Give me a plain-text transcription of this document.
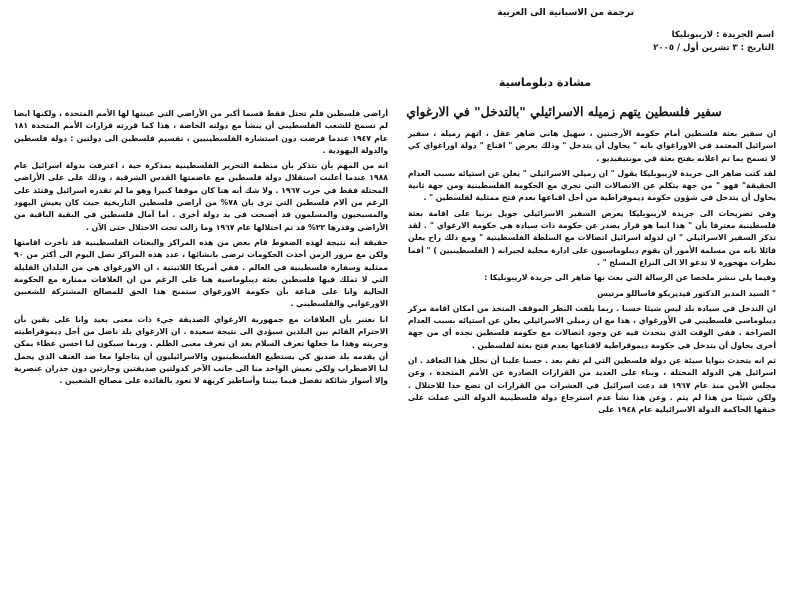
ترجمة من الاسبانية الى العربية
اسم الجريدة : لاريبوبليكا
التاريخ : ٣ تشرين أول / ٢٠٠٥
مشادة دبلوماسية
سفير فلسطين يتهم زميله الاسرائيلي "بالتدخل" في الارغواي

ان سفير بعثة فلسطين أمام حكومة الأرجنتين ، سهيل هاني ضاهر عقل ، اتهم زميله ، سفير اسرائيل المعتمد في الاوراغواي بانه " يحاول أن يتدخل " وذلك بعرض " اقناع " دولة اوراغواي كي لا تسمح بما تم اعلانه بفتح بعثة في مونتيفيديو .

لقد كتب ضاهر الى جريدة لاريبوبليكا يقول " ان زميلي الاسرائيلي " يعلن عن استيائه بسبب العدام الحقيقة" فهو " من جهة يتكلم عن الاتصالات التي تجري مع الحكومة الفلسطينية ومن جهة ثانية يحاول أن يتدخل في شؤون حكومة ديموقراطية من أجل اقناعها بعدم فتح ممثلية لفلسطين " .

وفي تصريحات الى جريدة لاريبوبليكا يعرض السفير الاسرائيلي جويل برنيا على اقامة بعثة فلسطينية معترفا بأن " هذا انما هو قرار يصدر عن حكومة ذات سيادة هي حكومة الارغواي " . لقد تذكر السفير الاسرائيلي " ان لدولة اسرائيل اتصالات مع السلطة الفلسطينية " ومع ذلك راح يعلن قائلا بانه من مسلمة الأمور أن يقوم ديبلوماسيون على ادارة محلية لجيرانه ( الفلسطينيين ) " أفما نظرات مهجورة لا تدعو الا الى النزاع المسلح " .

وفيما يلي ننشر ملخصا عن الرسالة التي بعث بها ضاهر الى جريدة لاريبوبليكا :

" السيد المدير الدكتور فيديريكو فاساللو مرتيس

ان التدخل في سيادة بلد ليس شيئا حسنا . ربما يلفت النظر الموقف المتخذ من امكان اقامة مركز ديبلوماسي فلسطيني في الأورغواي ، هذا مع ان زميلي الاسرائيلي يعلن عن استيائه بسبب العدام الصراحة . ففي الوقت الذي يتحدث فيه عن وجود اتصالات مع حكومة فلسطين نجده أي من جهة أخرى يحاول أن يتدخل في حكومة ديموقراطية لاقناعها بعدم فتح بعثة لفلسطين .

ثم انه يتحدث بنوايا سيئة عن دولة فلسطين التي لم تقم بعد . حسنا علينا أن نحلل هذا التعاقد . ان اسرائيل هي الدولة المحتلة ، وبناء على العديد من القرارات الصادرة عن الأمم المتحدة ، وعن مجلس الأمن منذ عام ١٩٦٧ قد دعت اسرائيل في العشرات من القرارات ان تضع حدا للاحتلال . ولكن شيئا من هذا لم يتم . وعن هذا نشأ عدم استرجاع دولة فلسطينية الدولة التي عملت على خنقها الحاكمة الدولة الاسرائيلية عام ١٩٤٨ على

أراضي فلسطين فلم تحتل فقط قسما أكبر من الأراضي التي عينتها لها الأمم المتحدة ، ولكنها ايضا لم تسمح للشعب الفلسطيني أن ينشأ مع دولته الخاصة ، هذا كما قررته قرارات الأمم المتحدة ١٨١ عام ١٩٤٧ عندما فرضت دون استشارة الفلسطينيين ، تقسيم فلسطين الى دولتين : دولة فلسطين والدولة اليهودية .

انه من المهم بأن نتذكر بأن منظمة التحرير الفلسطينية بمذكرة حية ، اعترفت بدولة اسرائيل عام ١٩٨٨ عندما أعلنت استقلال دولة فلسطين مع عاصمتها القدس الشرقية ، وذلك على على الأراضي المحتلة فقط في حرب ١٩٦٧ . ولا شك أنه هنا كان موقفا كبيرا وهو ما لم تقدره اسرائيل وقتئذ على الرغم من آلام فلسطين التي ترى بان ٧٨% من أراضي فلسطين التاريخية حيث كان يعيش اليهود والمسيحيون والمسلمون قد أصبحت في يد دولة أخرى . أما آمال فلسطين في البقية الباقية من الأراضي وقدرها ٢٢% قد تم احتلالها عام ١٩٦٧ وما زالت تحت الاحتلال حتى الآن .

حقيقة أنه نتيجة لهذه الضغوط قام بعض من هذه المراكز والبعثات الفلسطينية قد تأخرت اقامتها ولكن مع مرور الزمن أخذت الحكومات ترضى بانشائها ، عدد هذه المراكز تصل اليوم الى أكثر من ٩٠ ممثلية وسفارة فلسطينية في العالم . ففي أمريكا اللاتينية ، ان الاورغواي هي من البلدان القليلة التي لا تملك فيها فلسطين بعثة ديبلوماسية هنا على الرغم من ان العلاقات ممتازة مع الحكومة الحالية وانا على قناعة بأن حكومة الاورغواي ستمنح هذا الحق للمصالح المشتركة للشعبين الاورغوايي والفلسطيني .

انا نعتبر بأن العلاقات مع جمهورية الارغواي الصديقة جيء ذات معنى بعيد وانا على يقين بأن الاحترام القائم بين البلدين سيؤدي الى نتيجة سعيدة . ان الارغواي بلد ناضل من أجل ديموقراطيته وحريته وهذا ما جعلها تعرف السلام بعد ان تعرف معنى الظلم . وربما سيكون لنا احسن عطاء يمكن أن يقدمه بلد صديق كي يستطيع الفلسطينيون والاسرائيليون أن يتاجلوا معا ضد العنف الذي يحمل لنا الاضطراب ولكي نعيش الواحد منا الى جانب الآخر كدولتين صديقتين وجارتين دون جدران عنصرية وإلا أسوار شائكة تفصل فيما بيننا وأساطير كريهة لا تعود بالفائدة على مصالح الشعبين .
